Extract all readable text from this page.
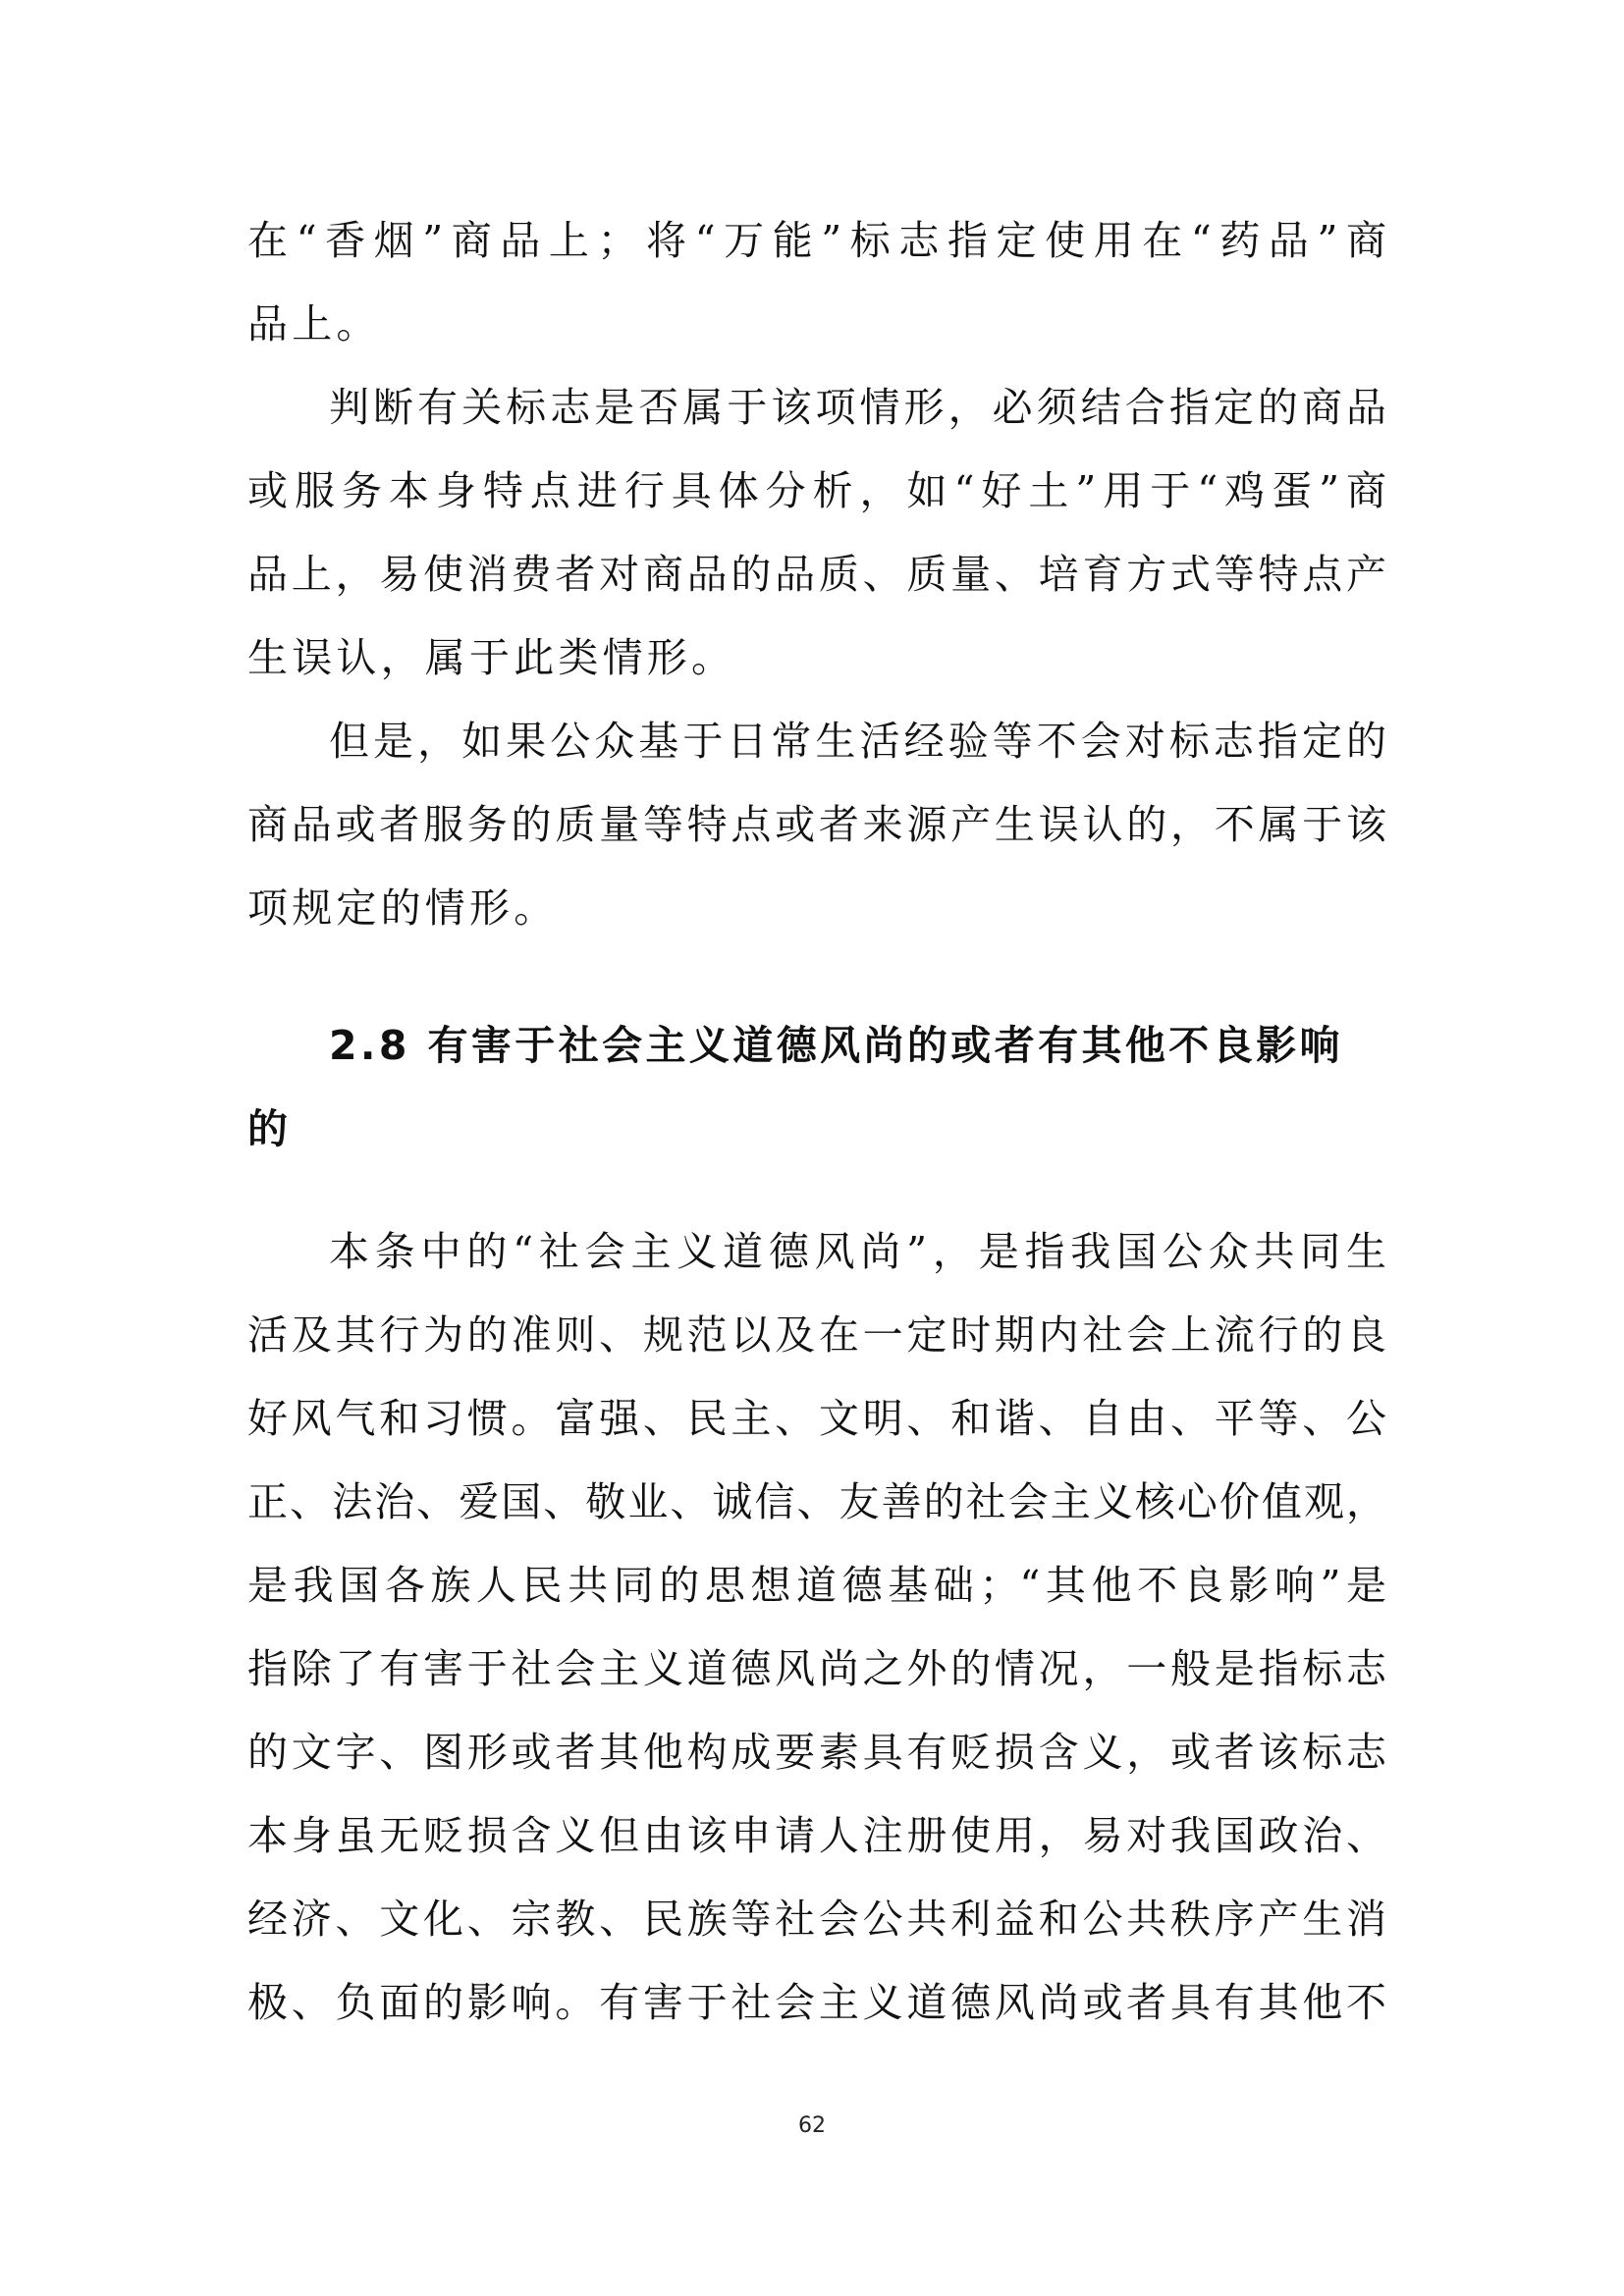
在“香烟”商品上；将“万能”标志指定使用在“药品”商
品上。
判断有关标志是否属于该项情形，必须结合指定的商品
或服务本身特点进行具体分析，如“好土”用于“鸡蛋”商
品上，易使消费者对商品的品质、质量、培育方式等特点产
生误认，属于此类情形。
但是，如果公众基于日常生活经验等不会对标志指定的
商品或者服务的质量等特点或者来源产生误认的，不属于该
项规定的情形。
2.8 有害于社会主义道德风尚的或者有其他不良影响
的
本条中的“社会主义道德风尚”，是指我国公众共同生
活及其行为的准则、规范以及在一定时期内社会上流行的良
好风气和习惯。富强、民主、文明、和谐、自由、平等、公
正、法治、爱国、敬业、诚信、友善的社会主义核心价值观，
是我国各族人民共同的思想道德基础；“其他不良影响”是
指除了有害于社会主义道德风尚之外的情况，一般是指标志
的文字、图形或者其他构成要素具有贬损含义，或者该标志
本身虽无贬损含义但由该申请人注册使用，易对我国政治、
经济、文化、宗教、民族等社会公共利益和公共秩序产生消
极、负面的影响。有害于社会主义道德风尚或者具有其他不
62
